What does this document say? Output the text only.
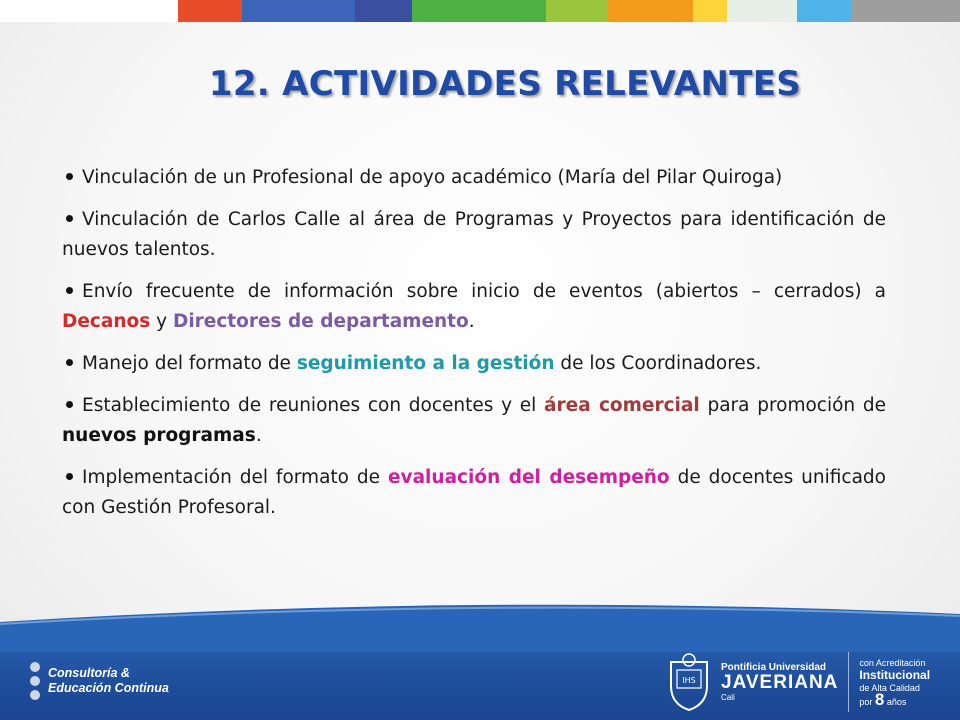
12. ACTIVIDADES RELEVANTES
Vinculación de un Profesional de apoyo académico (María del Pilar Quiroga)
Vinculación de Carlos Calle al área de Programas y Proyectos para identificación de nuevos talentos.
Envío frecuente de información sobre inicio de eventos (abiertos – cerrados) a Decanos y Directores de departamento.
Manejo del formato de seguimiento a la gestión de los Coordinadores.
Establecimiento de reuniones con docentes y el área comercial para promoción de nuevos programas.
Implementación del formato de evaluación del desempeño de docentes unificado con Gestión Profesoral.
Consultoría &
Educación Continua
IHS
Pontificia Universidad
JAVERIANA
Cali
con Acreditación
Institucional
de Alta Calidad
por 8 años
